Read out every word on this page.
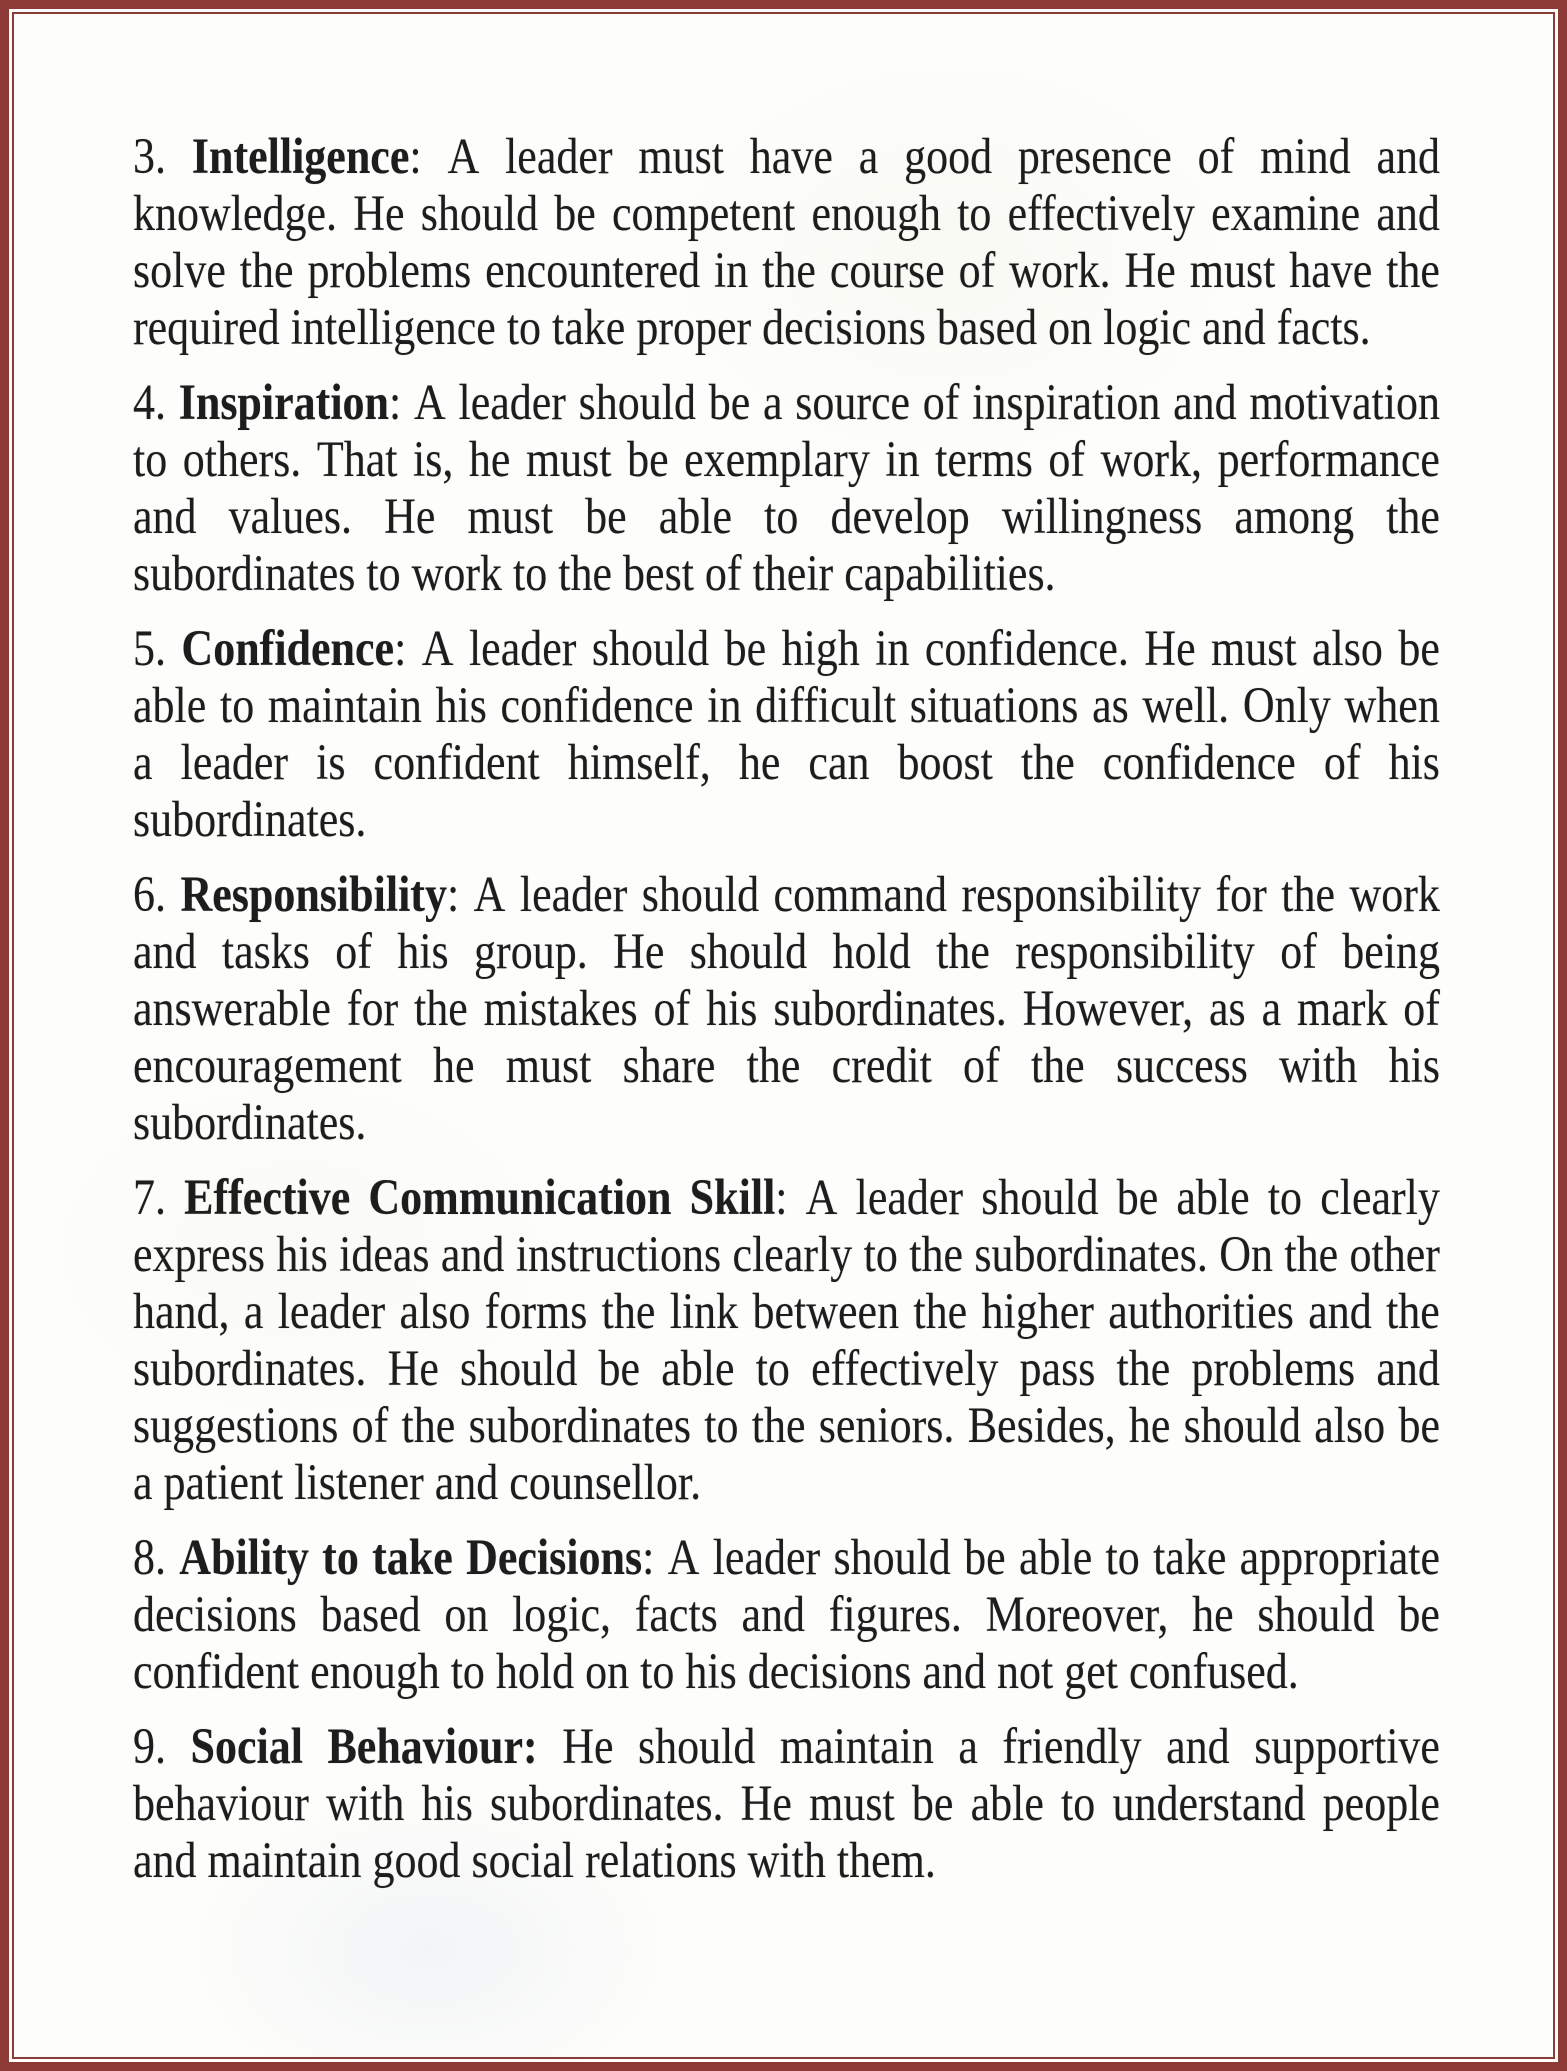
3. Intelligence: A leader must have a good presence of mind and
knowledge. He should be competent enough to effectively examine and
solve the problems encountered in the course of work. He must have the
required intelligence to take proper decisions based on logic and facts.
4. Inspiration: A leader should be a source of inspiration and motivation
to others. That is, he must be exemplary in terms of work, performance
and values. He must be able to develop willingness among the
subordinates to work to the best of their capabilities.
5. Confidence: A leader should be high in confidence. He must also be
able to maintain his confidence in difficult situations as well. Only when
a leader is confident himself, he can boost the confidence of his
subordinates.
6. Responsibility: A leader should command responsibility for the work
and tasks of his group. He should hold the responsibility of being
answerable for the mistakes of his subordinates. However, as a mark of
encouragement he must share the credit of the success with his
subordinates.
7. Effective Communication Skill: A leader should be able to clearly
express his ideas and instructions clearly to the subordinates. On the other
hand, a leader also forms the link between the higher authorities and the
subordinates. He should be able to effectively pass the problems and
suggestions of the subordinates to the seniors. Besides, he should also be
a patient listener and counsellor.
8. Ability to take Decisions: A leader should be able to take appropriate
decisions based on logic, facts and figures. Moreover, he should be
confident enough to hold on to his decisions and not get confused.
9. Social Behaviour: He should maintain a friendly and supportive
behaviour with his subordinates. He must be able to understand people
and maintain good social relations with them.
